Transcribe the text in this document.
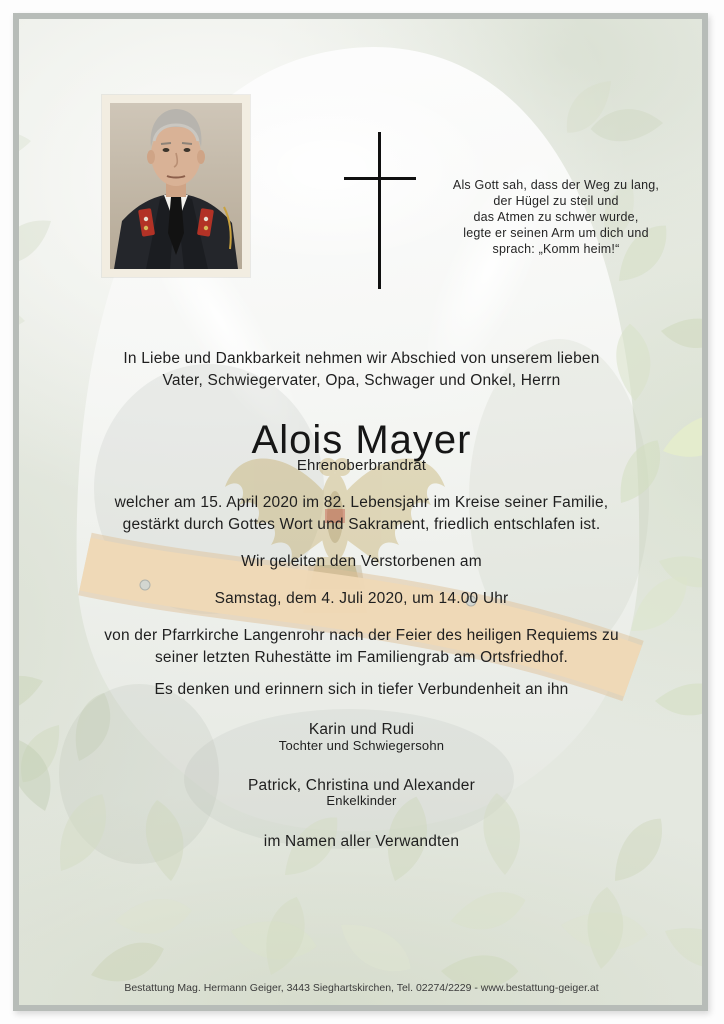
Als Gott sah, dass der Weg zu lang,
der Hügel zu steil und
das Atmen zu schwer wurde,
legte er seinen Arm um dich und
sprach: „Komm heim!“
In Liebe und Dankbarkeit nehmen wir Abschied von unserem lieben
Vater, Schwiegervater, Opa, Schwager und Onkel, Herrn
Alois Mayer
Ehrenoberbrandrat
welcher am 15. April 2020 im 82. Lebensjahr im Kreise seiner Familie,
gestärkt durch Gottes Wort und Sakrament, friedlich entschlafen ist.
Wir geleiten den Verstorbenen am
Samstag, dem 4. Juli 2020, um 14.00 Uhr
von der Pfarrkirche Langenrohr nach der Feier des heiligen Requiems zu
seiner letzten Ruhestätte im Familiengrab am Ortsfriedhof.
Es denken und erinnern sich in tiefer Verbundenheit an ihn
Karin und Rudi
Tochter und Schwiegersohn
Patrick, Christina und Alexander
Enkelkinder
im Namen aller Verwandten
Bestattung Mag. Hermann Geiger, 3443 Sieghartskirchen, Tel. 02274/2229 - www.bestattung-geiger.at
